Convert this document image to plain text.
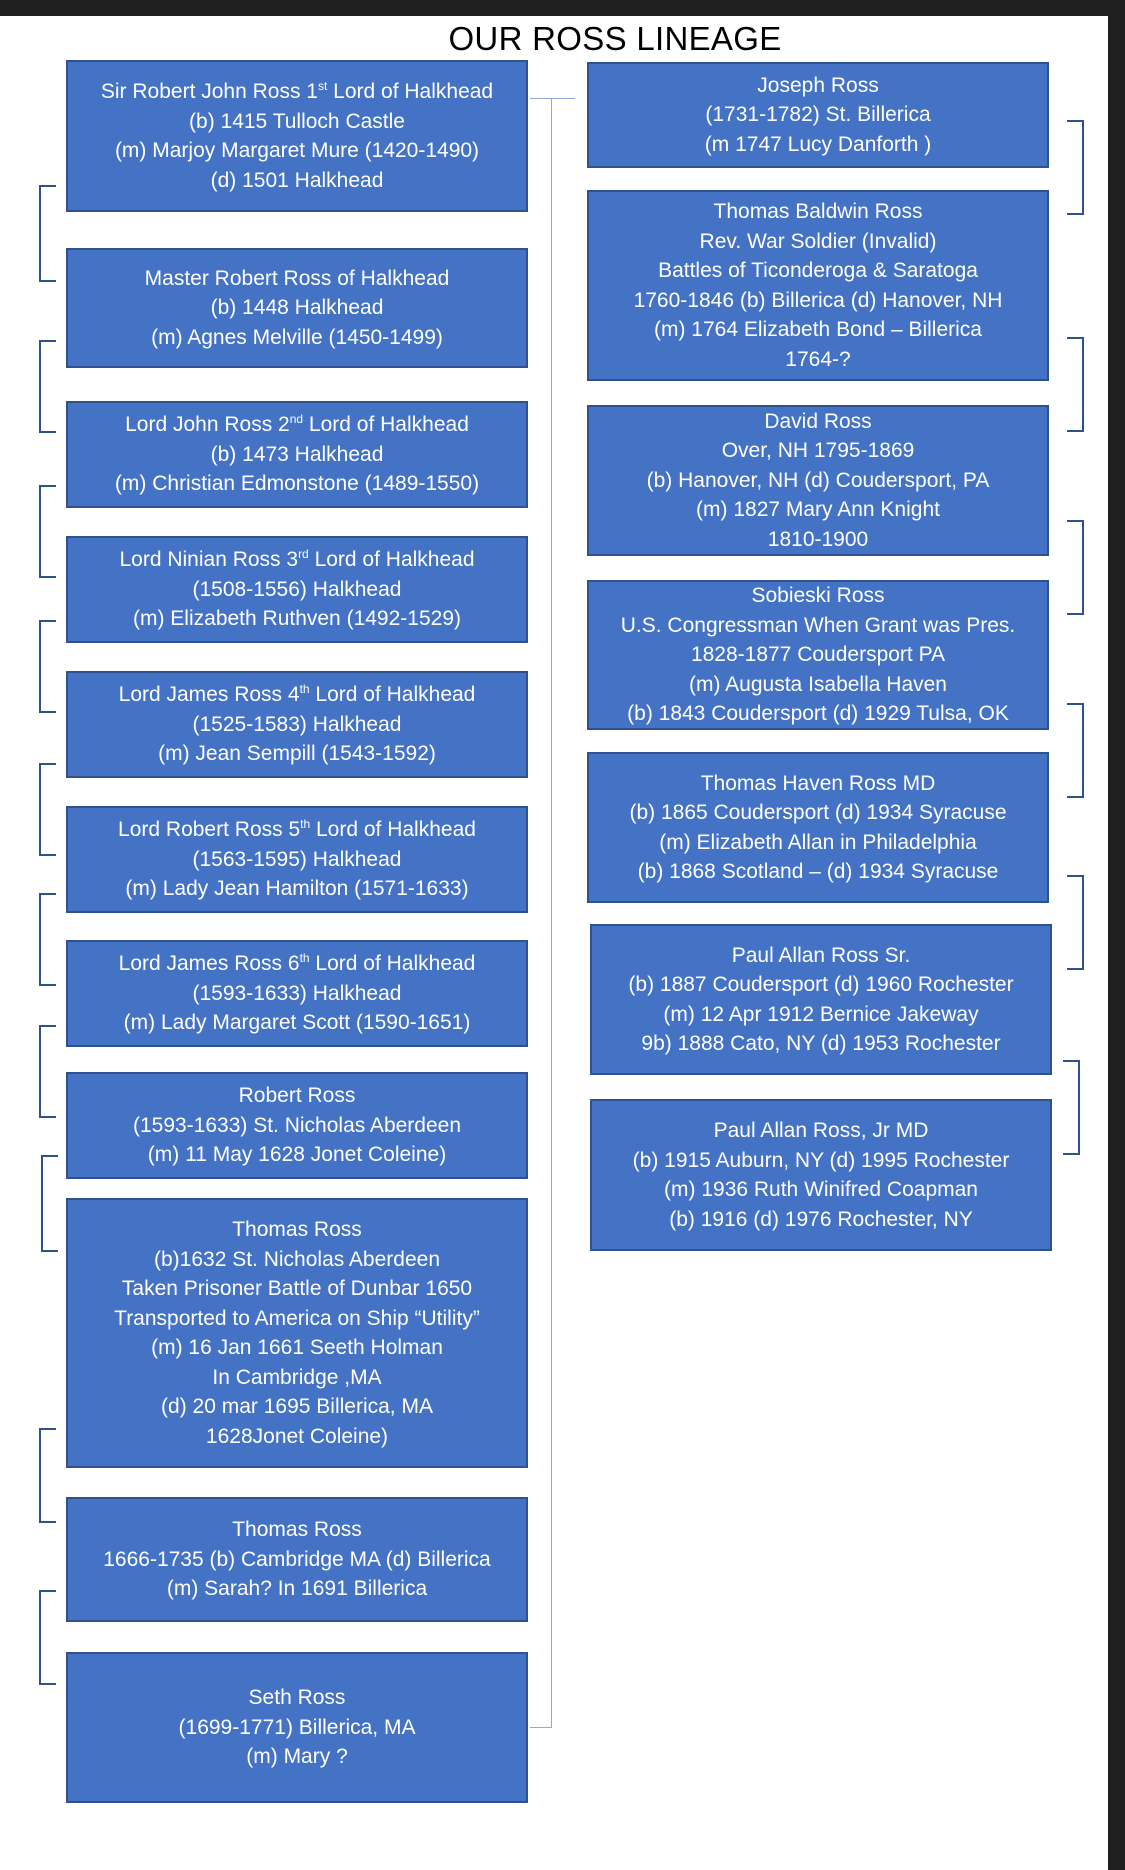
OUR ROSS LINEAGE
Sir Robert John Ross 1st Lord of Halkhead
(b) 1415 Tulloch Castle
(m) Marjoy Margaret Mure (1420-1490)
(d) 1501 Halkhead
Master Robert Ross of Halkhead
(b) 1448 Halkhead
(m) Agnes Melville (1450-1499)
Lord John Ross 2nd Lord of Halkhead
(b) 1473 Halkhead
(m) Christian Edmonstone (1489-1550)
Lord Ninian Ross 3rd Lord of Halkhead
(1508-1556) Halkhead
(m) Elizabeth Ruthven (1492-1529)
Lord James Ross 4th Lord of Halkhead
(1525-1583) Halkhead
(m) Jean Sempill (1543-1592)
Lord Robert Ross 5th Lord of Halkhead
(1563-1595) Halkhead
(m) Lady Jean Hamilton (1571-1633)
Lord James Ross 6th Lord of Halkhead
(1593-1633) Halkhead
(m) Lady Margaret Scott (1590-1651)
Robert Ross
(1593-1633) St. Nicholas Aberdeen
(m) 11 May 1628 Jonet Coleine)
Thomas Ross
(b)1632 St. Nicholas Aberdeen
Taken Prisoner Battle of Dunbar 1650
Transported to America on Ship “Utility”
(m) 16 Jan 1661 Seeth Holman
In Cambridge ,MA
(d) 20 mar 1695 Billerica, MA
1628Jonet Coleine)
Thomas Ross
1666-1735 (b) Cambridge MA (d) Billerica
(m) Sarah? In 1691 Billerica
Seth Ross
(1699-1771) Billerica, MA
(m) Mary ?
Joseph Ross
(1731-1782) St. Billerica
(m 1747 Lucy Danforth )
Thomas Baldwin Ross
Rev. War Soldier (Invalid)
Battles of Ticonderoga & Saratoga
1760-1846 (b) Billerica (d) Hanover, NH
(m) 1764 Elizabeth Bond – Billerica
1764-?
David Ross
Over, NH 1795-1869
(b) Hanover, NH (d) Coudersport, PA
(m) 1827 Mary Ann Knight
1810-1900
Sobieski Ross
U.S. Congressman When Grant was Pres.
1828-1877 Coudersport PA
(m) Augusta Isabella Haven
(b) 1843 Coudersport (d) 1929 Tulsa, OK
Thomas Haven Ross MD
(b) 1865 Coudersport (d) 1934 Syracuse
(m) Elizabeth Allan in Philadelphia
(b) 1868 Scotland – (d) 1934 Syracuse
Paul Allan Ross Sr.
(b) 1887 Coudersport (d) 1960 Rochester
(m) 12 Apr 1912 Bernice Jakeway
9b) 1888 Cato, NY (d) 1953 Rochester
Paul Allan Ross, Jr MD
(b) 1915 Auburn, NY (d) 1995 Rochester
(m) 1936 Ruth Winifred Coapman
(b) 1916 (d) 1976 Rochester, NY
